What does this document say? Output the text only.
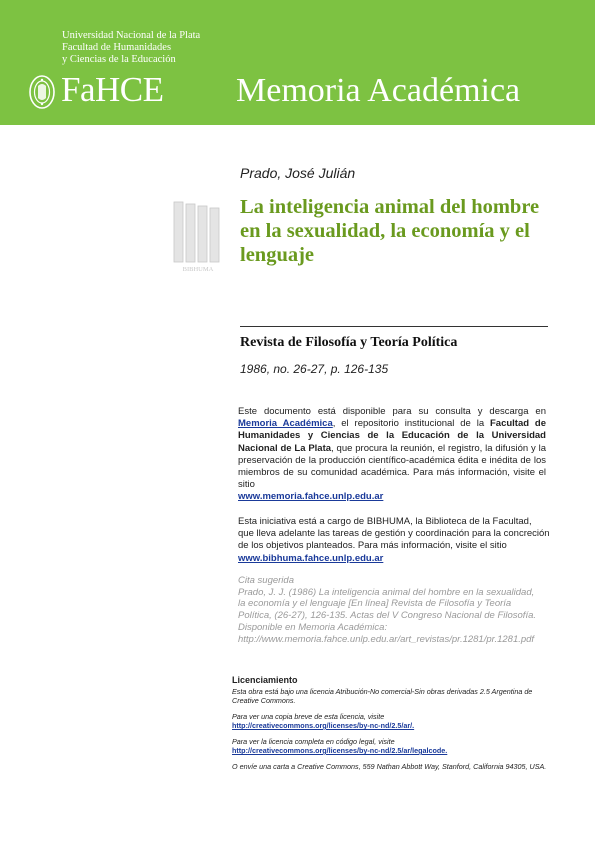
Universidad Nacional de la Plata
Facultad de Humanidades
y Ciencias de la Educación
FaHCE Memoria Académica
BIBHUMA
Prado, José Julián
La inteligencia animal del hombre en la sexualidad, la economía y el lenguaje
Revista de Filosofía y Teoría Política
1986, no. 26-27, p. 126-135
Este documento está disponible para su consulta y descarga en Memoria Académica, el repositorio institucional de la Facultad de Humanidades y Ciencias de la Educación de la Universidad Nacional de La Plata, que procura la reunión, el registro, la difusión y la preservación de la producción científico-académica édita e inédita de los miembros de su comunidad académica. Para más información, visite el sitio
www.memoria.fahce.unlp.edu.ar
Esta iniciativa está a cargo de BIBHUMA, la Biblioteca de la Facultad, que lleva adelante las tareas de gestión y coordinación para la concreción de los objetivos planteados. Para más información, visite el sitio
www.bibhuma.fahce.unlp.edu.ar
Cita sugerida
Prado, J. J. (1986) La inteligencia animal del hombre en la sexualidad,
la economía y el lenguaje [En línea] Revista de Filosofía y Teoría
Política, (26-27), 126-135. Actas del V Congreso Nacional de Filosofía.
Disponible en Memoria Académica:
http://www.memoria.fahce.unlp.edu.ar/art_revistas/pr.1281/pr.1281.pdf
Licenciamiento
Esta obra está bajo una licencia Atribución-No comercial-Sin obras derivadas 2.5 Argentina de Creative Commons.
Para ver una copia breve de esta licencia, visite
http://creativecommons.org/licenses/by-nc-nd/2.5/ar/.
Para ver la licencia completa en código legal, visite
http://creativecommons.org/licenses/by-nc-nd/2.5/ar/legalcode.
O envíe una carta a Creative Commons, 559 Nathan Abbott Way, Stanford, California 94305, USA.
